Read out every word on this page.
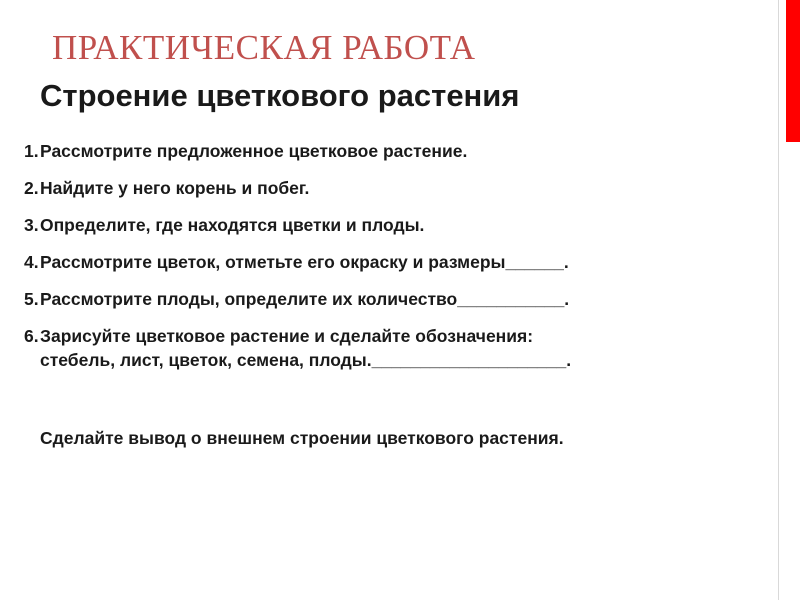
ПРАКТИЧЕСКАЯ РАБОТА
Строение цветкового растения
1. Рассмотрите предложенное цветковое растение.
2. Найдите у него корень и побег.
3. Определите, где находятся цветки и плоды.
4. Рассмотрите цветок, отметьте его окраску и размеры______.
5. Рассмотрите плоды, определите их количество___________.
6. Зарисуйте цветковое растение и сделайте обозначения:
стебель, лист, цветок, семена, плоды.____________________.
Сделайте вывод о внешнем строении цветкового растения.
